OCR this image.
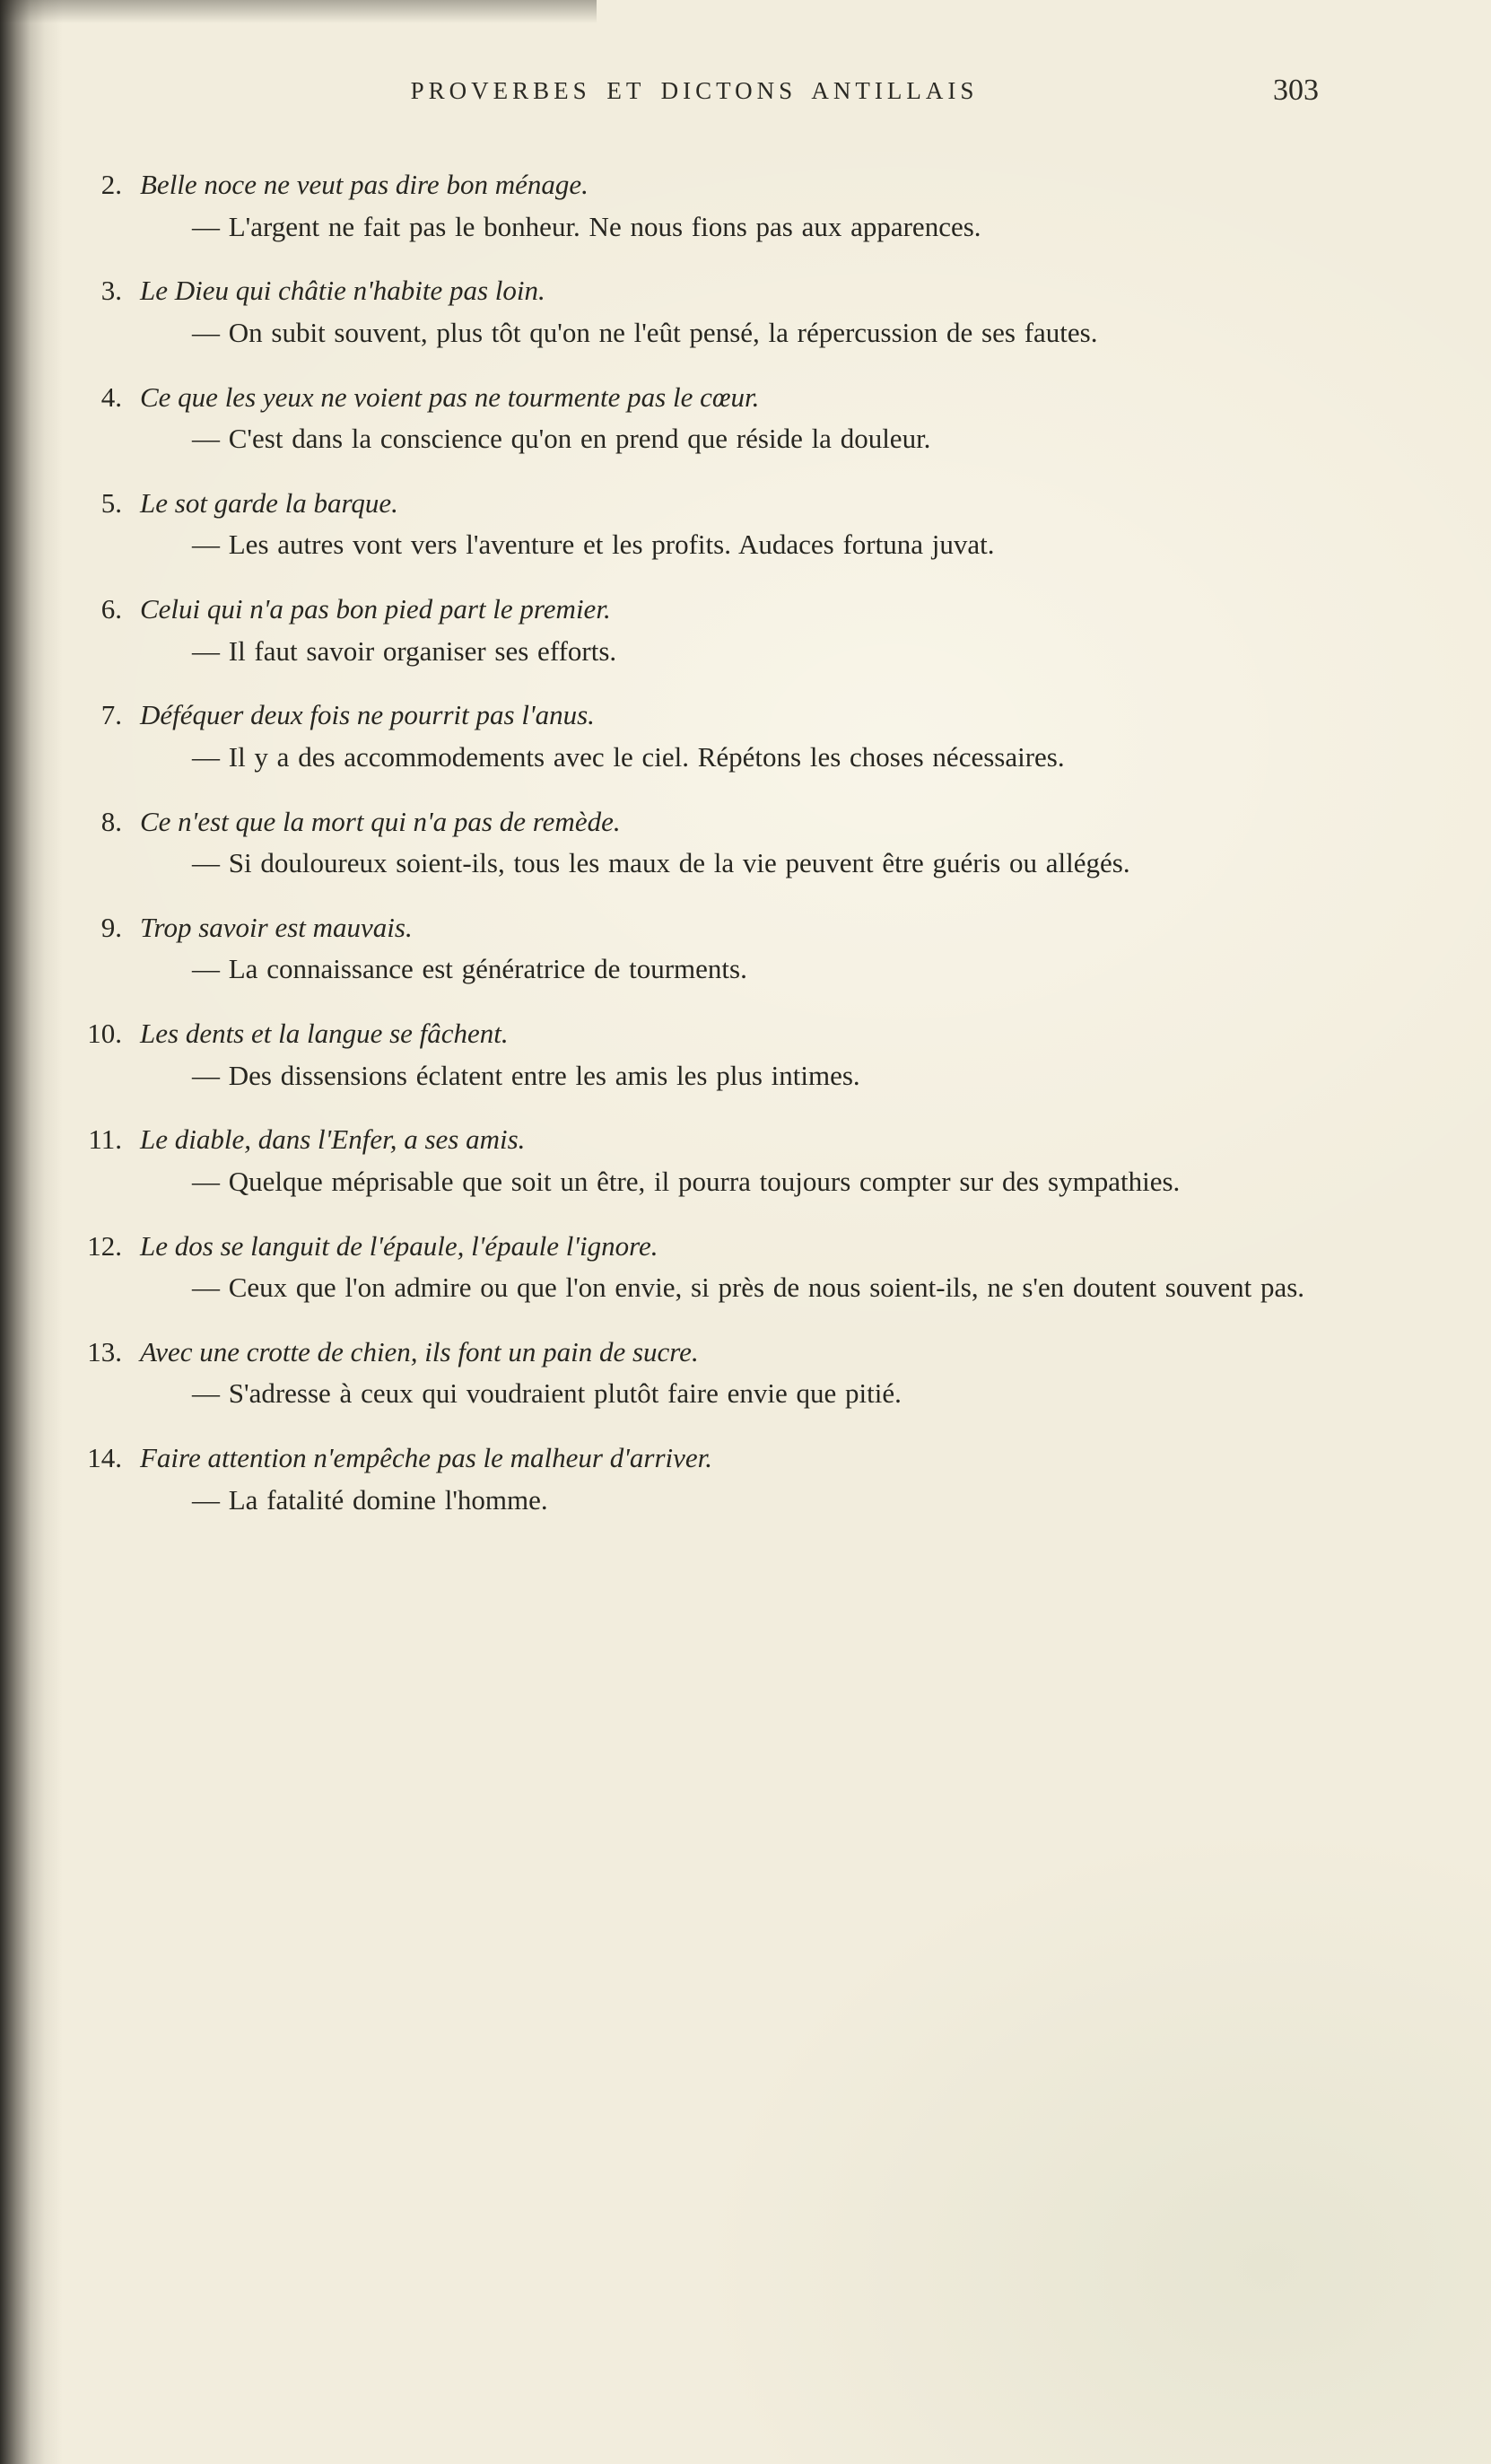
PROVERBES ET DICTONS ANTILLAIS	303
2. Belle noce ne veut pas dire bon ménage.
— L'argent ne fait pas le bonheur. Ne nous fions pas aux apparences.
3. Le Dieu qui châtie n'habite pas loin.
— On subit souvent, plus tôt qu'on ne l'eût pensé, la répercussion de ses fautes.
4. Ce que les yeux ne voient pas ne tourmente pas le cœur.
— C'est dans la conscience qu'on en prend que réside la douleur.
5. Le sot garde la barque.
— Les autres vont vers l'aventure et les profits. Audaces fortuna juvat.
6. Celui qui n'a pas bon pied part le premier.
— Il faut savoir organiser ses efforts.
7. Déféquer deux fois ne pourrit pas l'anus.
— Il y a des accommodements avec le ciel. Répétons les choses nécessaires.
8. Ce n'est que la mort qui n'a pas de remède.
— Si douloureux soient-ils, tous les maux de la vie peuvent être guéris ou allégés.
9. Trop savoir est mauvais.
— La connaissance est génératrice de tourments.
10. Les dents et la langue se fâchent.
— Des dissensions éclatent entre les amis les plus intimes.
11. Le diable, dans l'Enfer, a ses amis.
— Quelque méprisable que soit un être, il pourra toujours compter sur des sympathies.
12. Le dos se languit de l'épaule, l'épaule l'ignore.
— Ceux que l'on admire ou que l'on envie, si près de nous soient-ils, ne s'en doutent souvent pas.
13. Avec une crotte de chien, ils font un pain de sucre.
— S'adresse à ceux qui voudraient plutôt faire envie que pitié.
14. Faire attention n'empêche pas le malheur d'arriver.
— La fatalité domine l'homme.
